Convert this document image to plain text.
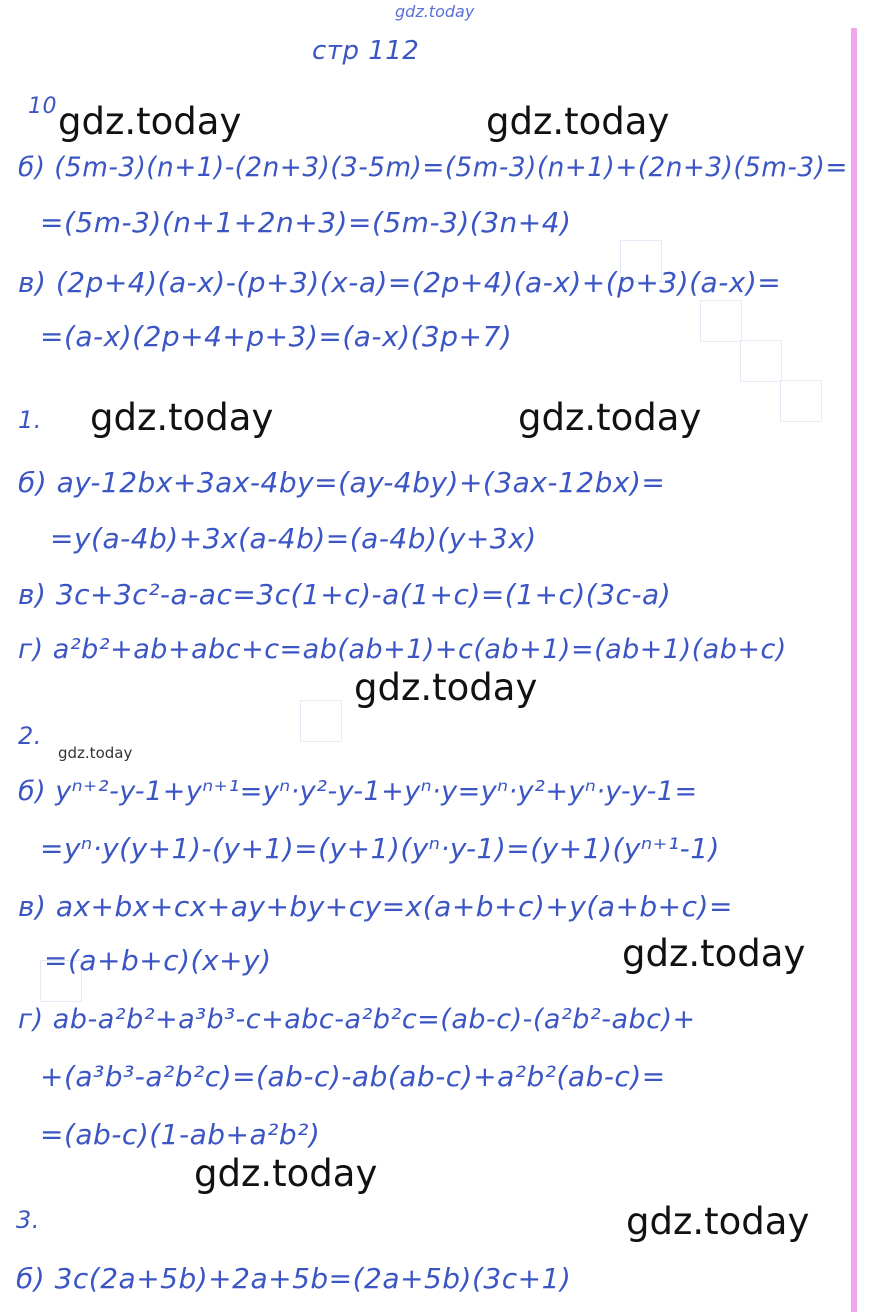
gdz.today
стр 112
10
б) (5m-3)(n+1)-(2n+3)(3-5m)=(5m-3)(n+1)+(2n+3)(5m-3)=
=(5m-3)(n+1+2n+3)=(5m-3)(3n+4)
в) (2p+4)(a-x)-(p+3)(x-a)=(2p+4)(a-x)+(p+3)(a-x)=
=(a-x)(2p+4+p+3)=(a-x)(3p+7)
1.
б) ay-12bx+3ax-4by=(ay-4by)+(3ax-12bx)=
=y(a-4b)+3x(a-4b)=(a-4b)(y+3x)
в) 3c+3c²-a-ac=3c(1+c)-a(1+c)=(1+c)(3c-a)
г) a²b²+ab+abc+c=ab(ab+1)+c(ab+1)=(ab+1)(ab+c)
2.
б) yⁿ⁺²-y-1+yⁿ⁺¹=yⁿ·y²-y-1+yⁿ·y=yⁿ·y²+yⁿ·y-y-1=
=yⁿ·y(y+1)-(y+1)=(y+1)(yⁿ·y-1)=(y+1)(yⁿ⁺¹-1)
в) ax+bx+cx+ay+by+cy=x(a+b+c)+y(a+b+c)=
=(a+b+c)(x+y)
г) ab-a²b²+a³b³-c+abc-a²b²c=(ab-c)-(a²b²-abc)+
+(a³b³-a²b²c)=(ab-c)-ab(ab-c)+a²b²(ab-c)=
=(ab-c)(1-ab+a²b²)
3.
б) 3c(2a+5b)+2a+5b=(2a+5b)(3c+1)
gdz.today	gdz.today
gdz.today	gdz.today
gdz.today
gdz.today
gdz.today
gdz.today
gdz.today
